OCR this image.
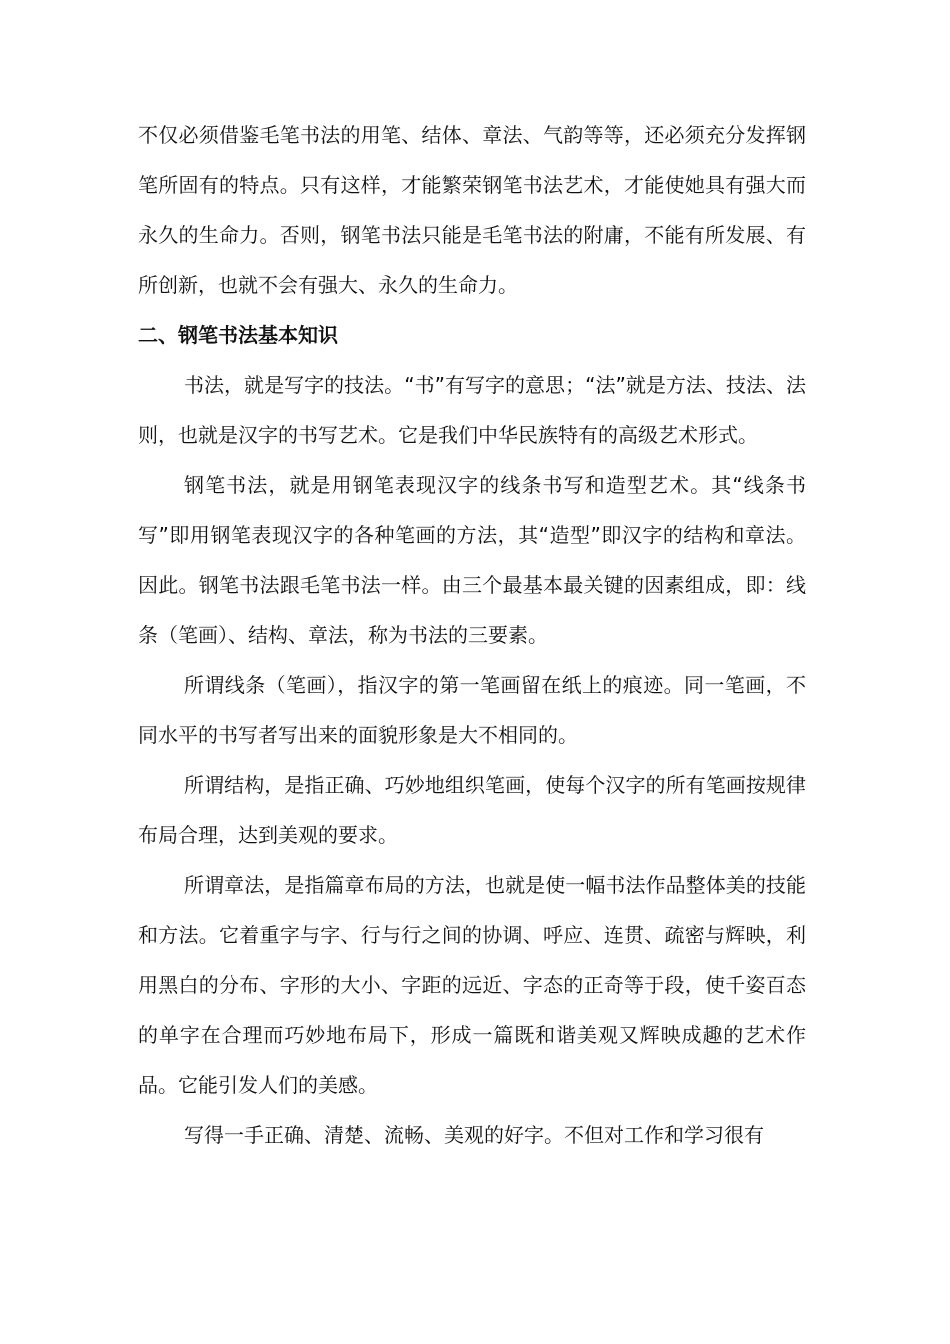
不仅必须借鉴毛笔书法的用笔、结体、章法、气韵等等，还必须充分发挥钢笔所固有的特点。只有这样，才能繁荣钢笔书法艺术，才能使她具有强大而永久的生命力。否则，钢笔书法只能是毛笔书法的附庸，不能有所发展、有所创新，也就不会有强大、永久的生命力。

二、钢笔书法基本知识

书法，就是写字的技法。“书”有写字的意思；“法”就是方法、技法、法则，也就是汉字的书写艺术。它是我们中华民族特有的高级艺术形式。

钢笔书法，就是用钢笔表现汉字的线条书写和造型艺术。其“线条书写”即用钢笔表现汉字的各种笔画的方法，其“造型”即汉字的结构和章法。因此。钢笔书法跟毛笔书法一样。由三个最基本最关键的因素组成，即：线条（笔画）、结构、章法，称为书法的三要素。

所谓线条（笔画），指汉字的第一笔画留在纸上的痕迹。同一笔画，不同水平的书写者写出来的面貌形象是大不相同的。

所谓结构，是指正确、巧妙地组织笔画，使每个汉字的所有笔画按规律布局合理，达到美观的要求。

所谓章法，是指篇章布局的方法，也就是使一幅书法作品整体美的技能和方法。它着重字与字、行与行之间的协调、呼应、连贯、疏密与辉映，利用黑白的分布、字形的大小、字距的远近、字态的正奇等于段，使千姿百态的单字在合理而巧妙地布局下，形成一篇既和谐美观又辉映成趣的艺术作品。它能引发人们的美感。

写得一手正确、清楚、流畅、美观的好字。不但对工作和学习很有
